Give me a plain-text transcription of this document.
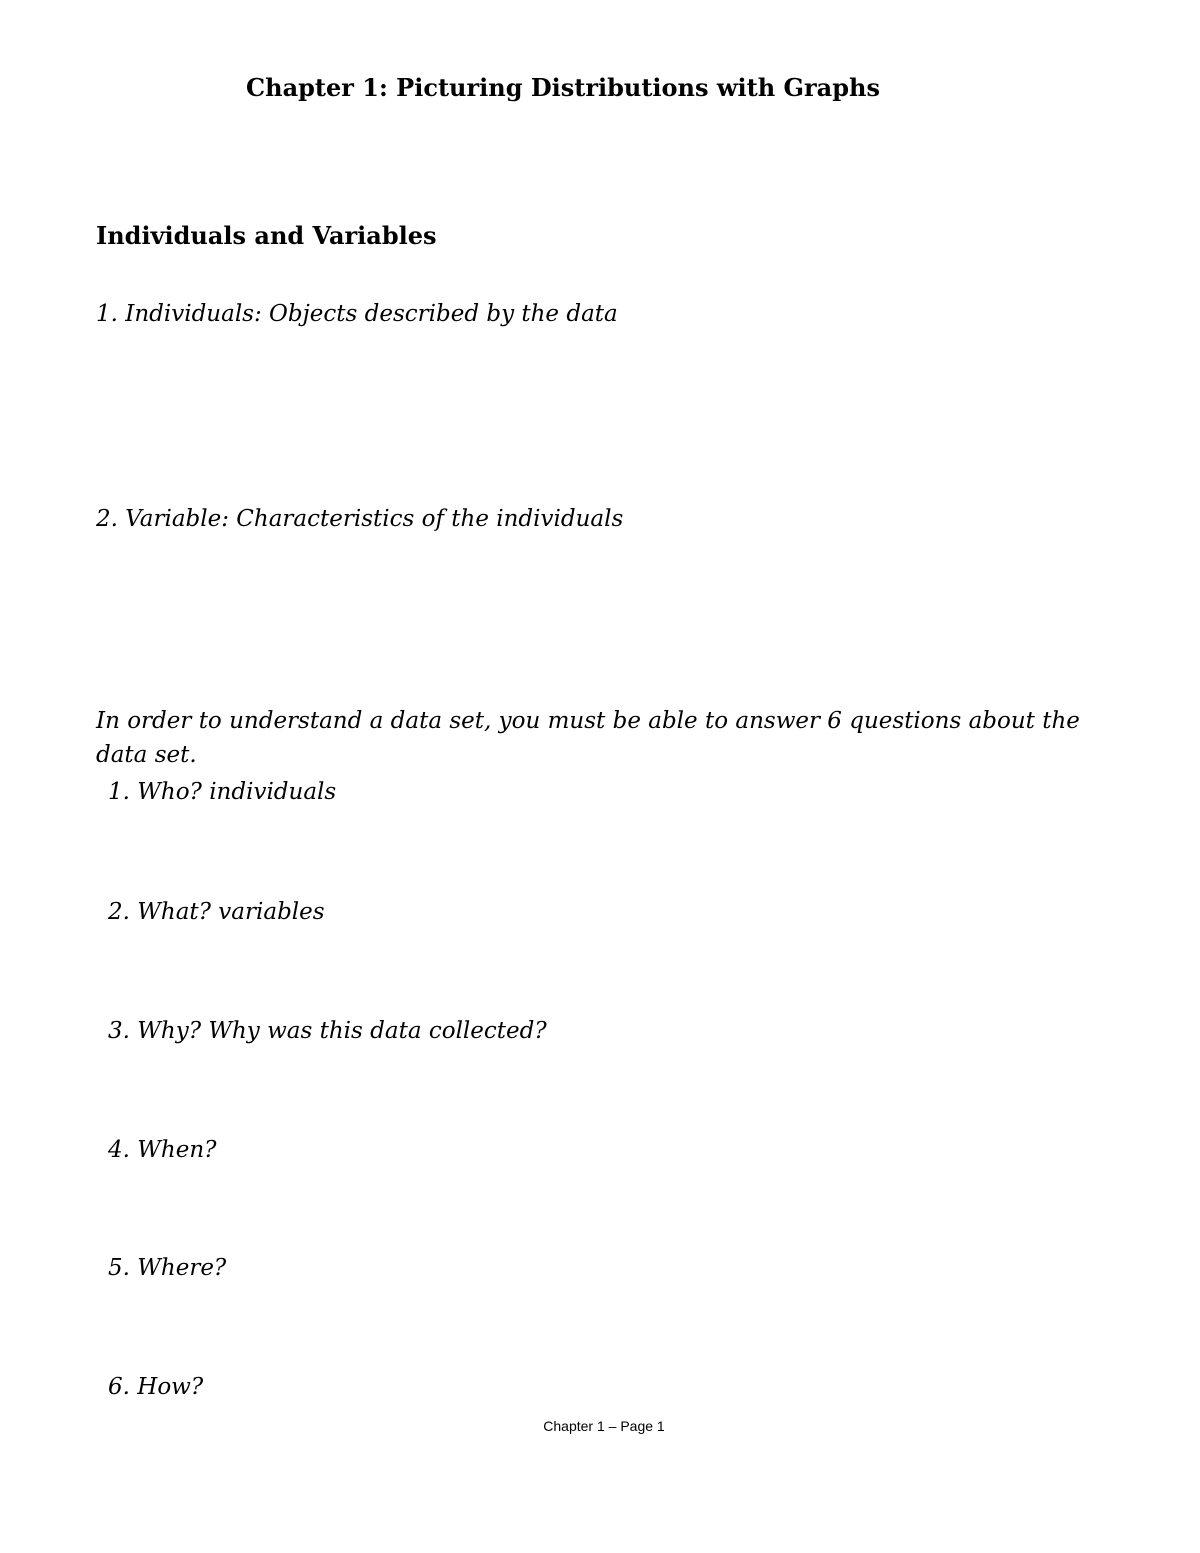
Chapter 1: Picturing Distributions with Graphs
Individuals and Variables

1. Individuals: Objects described by the data

2. Variable: Characteristics of the individuals

In order to understand a data set, you must be able to answer 6 questions about the data set.

1. Who? individuals

2. What? variables

3. Why? Why was this data collected?

4. When?

5. Where?

6. How?

Chapter 1 – Page 1
